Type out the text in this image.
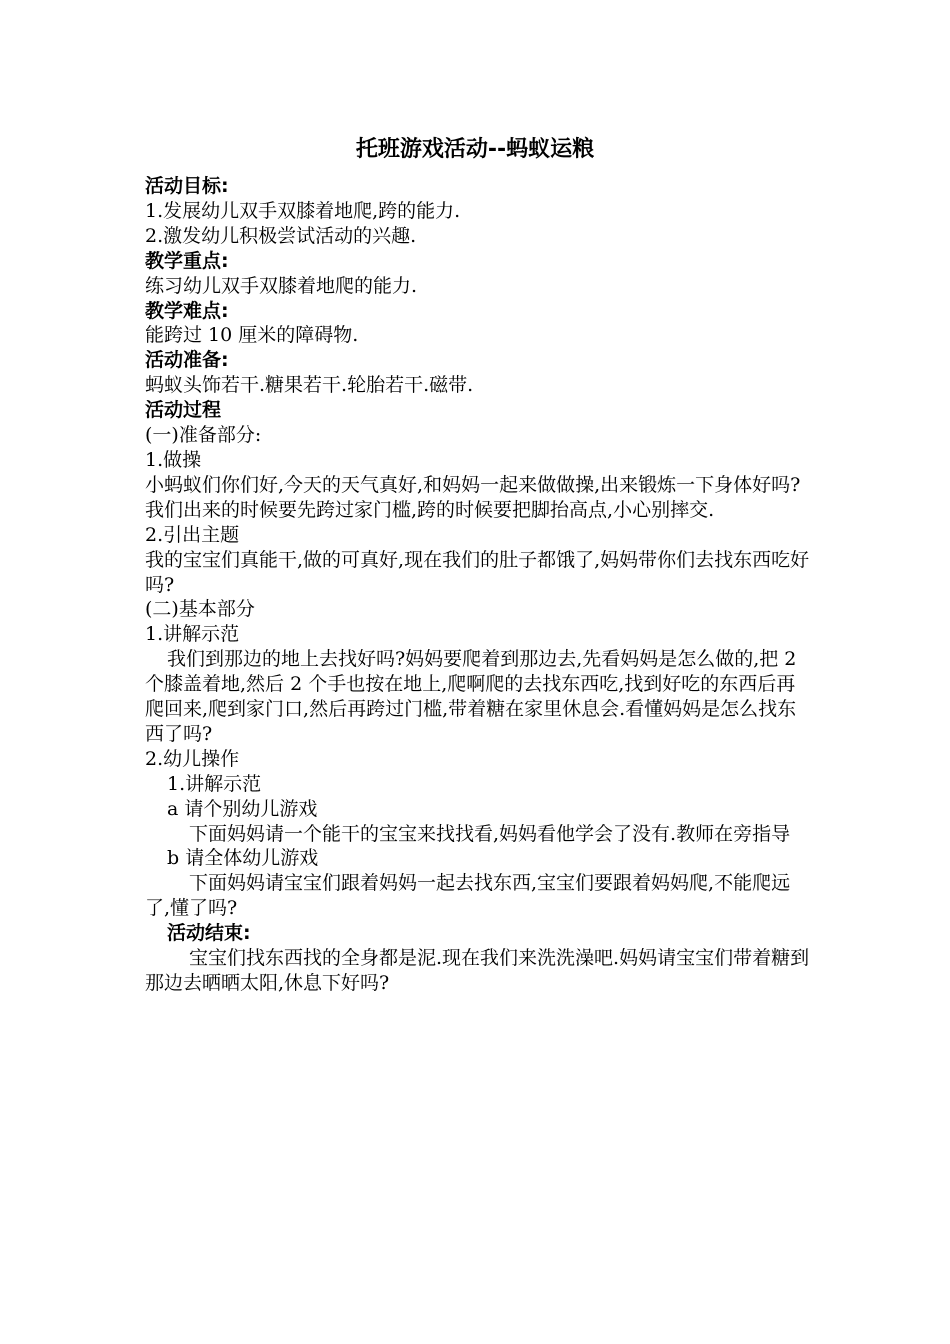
托班游戏活动--蚂蚁运粮

活动目标:

1.发展幼儿双手双膝着地爬,跨的能力.

2.激发幼儿积极尝试活动的兴趣.

教学重点:

练习幼儿双手双膝着地爬的能力.

教学难点:

能跨过 10 厘米的障碍物.

活动准备:

蚂蚁头饰若干.糖果若干.轮胎若干.磁带.

活动过程

(一)准备部分:

1.做操

小蚂蚁们你们好,今天的天气真好,和妈妈一起来做做操,出来锻炼一下身体好吗?我们出来的时候要先跨过家门槛,跨的时候要把脚抬高点,小心别摔交.

2.引出主题

我的宝宝们真能干,做的可真好,现在我们的肚子都饿了,妈妈带你们去找东西吃好吗?

(二)基本部分

1.讲解示范

我们到那边的地上去找好吗?妈妈要爬着到那边去,先看妈妈是怎么做的,把 2 个膝盖着地,然后 2 个手也按在地上,爬啊爬的去找东西吃,找到好吃的东西后再爬回来,爬到家门口,然后再跨过门槛,带着糖在家里休息会.看懂妈妈是怎么找东西了吗?

2.幼儿操作

1.讲解示范

a 请个别幼儿游戏

下面妈妈请一个能干的宝宝来找找看,妈妈看他学会了没有.教师在旁指导

b 请全体幼儿游戏

下面妈妈请宝宝们跟着妈妈一起去找东西,宝宝们要跟着妈妈爬,不能爬远了,懂了吗?

活动结束:

宝宝们找东西找的全身都是泥.现在我们来洗洗澡吧.妈妈请宝宝们带着糖到那边去晒晒太阳,休息下好吗?
